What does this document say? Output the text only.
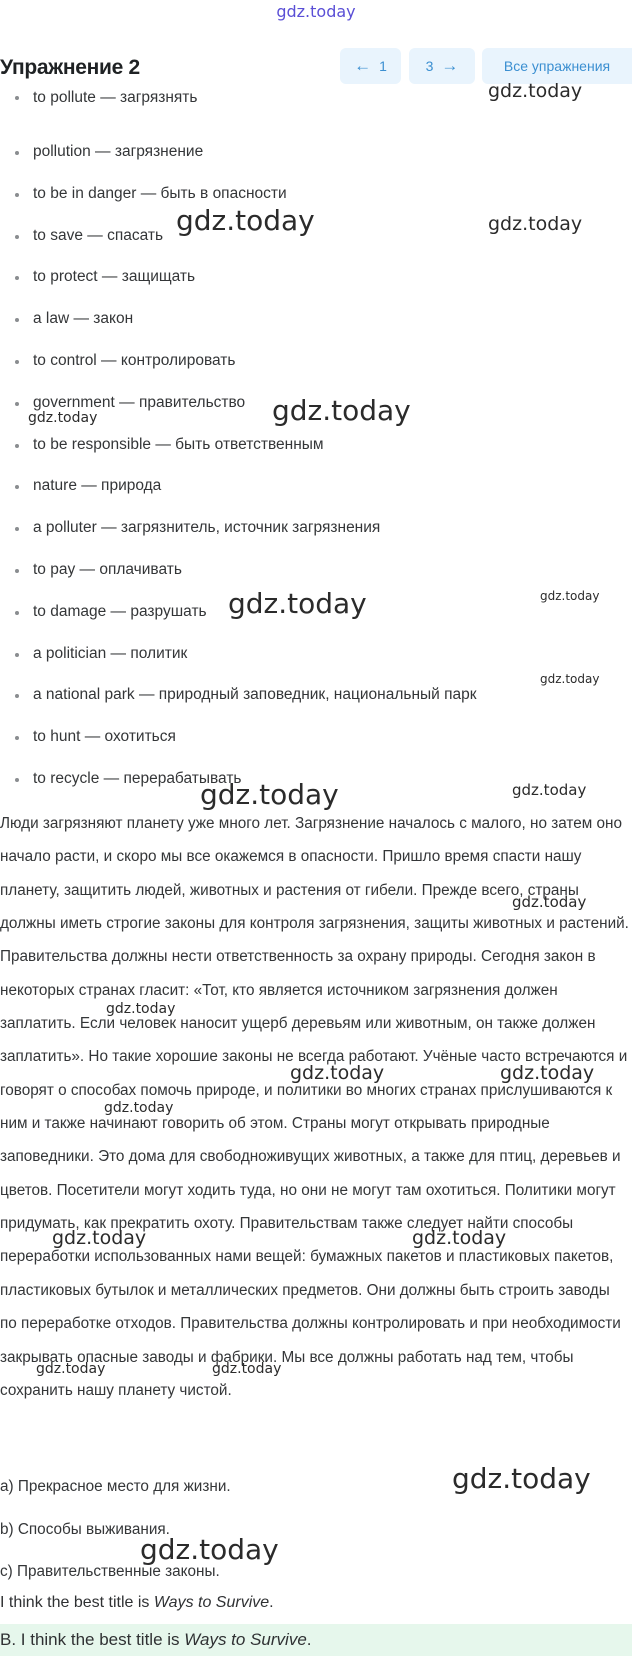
gdz.today
Упражнение 2	← 1	3 →	Все упражнения
to pollute — загрязнять
pollution — загрязнение
to be in danger — быть в опасности
to save — спасать
to protect — защищать
a law — закон
to control — контролировать
government — правительство
to be responsible — быть ответственным
nature — природа
a polluter — загрязнитель, источник загрязнения
to pay — оплачивать
to damage — разрушать
a politician — политик
a national park — природный заповедник, национальный парк
to hunt — охотиться
to recycle — перерабатывать
Люди загрязняют планету уже много лет. Загрязнение началось с малого, но затем оно начало расти, и скоро мы все окажемся в опасности. Пришло время спасти нашу планету, защитить людей, животных и растения от гибели. Прежде всего, страны должны иметь строгие законы для контроля загрязнения, защиты животных и растений. Правительства должны нести ответственность за охрану природы. Сегодня закон в некоторых странах гласит: «Тот, кто является источником загрязнения должен заплатить. Если человек наносит ущерб деревьям или животным, он также должен заплатить». Но такие хорошие законы не всегда работают. Учёные часто встречаются и говорят о способах помочь природе, и политики во многих странах прислушиваются к ним и также начинают говорить об этом. Страны могут открывать природные заповедники. Это дома для свободноживущих животных, а также для птиц, деревьев и цветов. Посетители могут ходить туда, но они не могут там охотиться. Политики могут придумать, как прекратить охоту. Правительствам также следует найти способы переработки использованных нами вещей: бумажных пакетов и пластиковых пакетов, пластиковых бутылок и металлических предметов. Они должны быть строить заводы по переработке отходов. Правительства должны контролировать и при необходимости закрывать опасные заводы и фабрики. Мы все должны работать над тем, чтобы сохранить нашу планету чистой.
a) Прекрасное место для жизни.
b) Способы выживания.
c) Правительственные законы.
I think the best title is Ways to Survive.
B. I think the best title is Ways to Survive.
gdz.today
gdz.today	gdz.today
gdz.today
gdz.today
gdz.today	gdz.today
gdz.today
gdz.today	gdz.today
gdz.today
gdz.today
gdz.today	gdz.today
gdz.today
gdz.today	gdz.today
gdz.today	gdz.today
gdz.today
gdz.today
